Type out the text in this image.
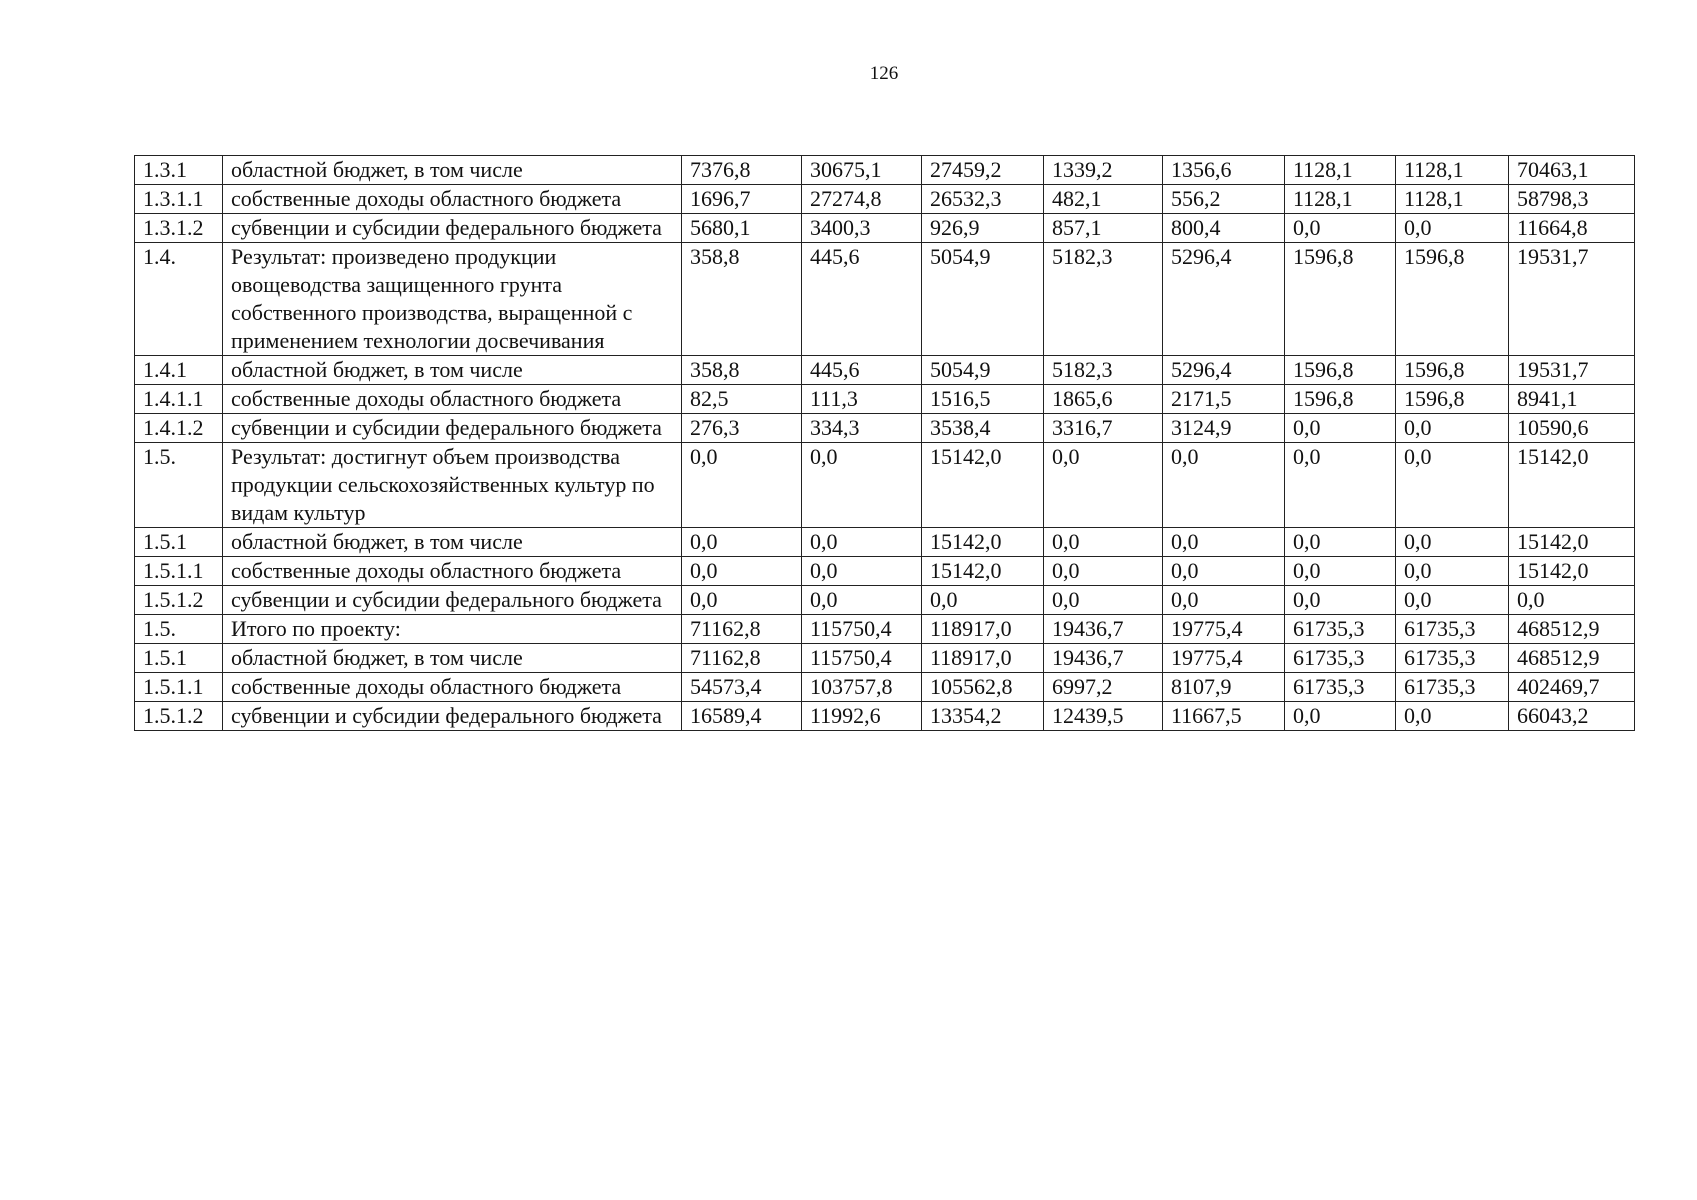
126
1.3.1	областной бюджет, в том числе	7376,8	30675,1	27459,2	1339,2	1356,6	1128,1	1128,1	70463,1
1.3.1.1	собственные доходы областного бюджета	1696,7	27274,8	26532,3	482,1	556,2	1128,1	1128,1	58798,3
1.3.1.2	субвенции и субсидии федерального бюджета	5680,1	3400,3	926,9	857,1	800,4	0,0	0,0	11664,8
1.4.	Результат: произведено продукции овощеводства защищенного грунта собственного производства, выращенной с применением технологии досвечивания	358,8	445,6	5054,9	5182,3	5296,4	1596,8	1596,8	19531,7
1.4.1	областной бюджет, в том числе	358,8	445,6	5054,9	5182,3	5296,4	1596,8	1596,8	19531,7
1.4.1.1	собственные доходы областного бюджета	82,5	111,3	1516,5	1865,6	2171,5	1596,8	1596,8	8941,1
1.4.1.2	субвенции и субсидии федерального бюджета	276,3	334,3	3538,4	3316,7	3124,9	0,0	0,0	10590,6
1.5.	Результат: достигнут объем производства продукции сельскохозяйственных культур по видам культур	0,0	0,0	15142,0	0,0	0,0	0,0	0,0	15142,0
1.5.1	областной бюджет, в том числе	0,0	0,0	15142,0	0,0	0,0	0,0	0,0	15142,0
1.5.1.1	собственные доходы областного бюджета	0,0	0,0	15142,0	0,0	0,0	0,0	0,0	15142,0
1.5.1.2	субвенции и субсидии федерального бюджета	0,0	0,0	0,0	0,0	0,0	0,0	0,0	0,0
1.5.	Итого по проекту:	71162,8	115750,4	118917,0	19436,7	19775,4	61735,3	61735,3	468512,9
1.5.1	областной бюджет, в том числе	71162,8	115750,4	118917,0	19436,7	19775,4	61735,3	61735,3	468512,9
1.5.1.1	собственные доходы областного бюджета	54573,4	103757,8	105562,8	6997,2	8107,9	61735,3	61735,3	402469,7
1.5.1.2	субвенции и субсидии федерального бюджета	16589,4	11992,6	13354,2	12439,5	11667,5	0,0	0,0	66043,2
